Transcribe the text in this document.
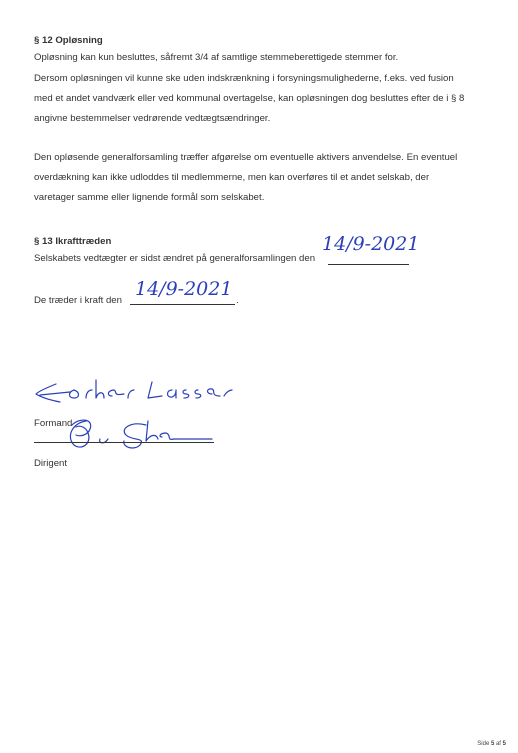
§ 12 Opløsning
Opløsning kan kun besluttes, såfremt 3/4 af samtlige stemmeberettigede stemmer for.
Dersom opløsningen vil kunne ske uden indskrænkning i forsyningsmulighederne, f.eks. ved fusion
med et andet vandværk eller ved kommunal overtagelse, kan opløsningen dog besluttes efter de i § 8
angivne bestemmelser vedrørende vedtægtsændringer.
Den opløsende generalforsamling træffer afgørelse om eventuelle aktivers anvendelse. En eventuel
overdækning kan ikke udloddes til medlemmerne, men kan overføres til et andet selskab, der
varetager samme eller lignende formål som selskabet.
§ 13 Ikrafttræden
Selskabets vedtægter er sidst ændret på generalforsamlingen den
14/9-2021
De træder i kraft den	.
14/9-2021
Formand
Dirigent
Side 5 af 5
